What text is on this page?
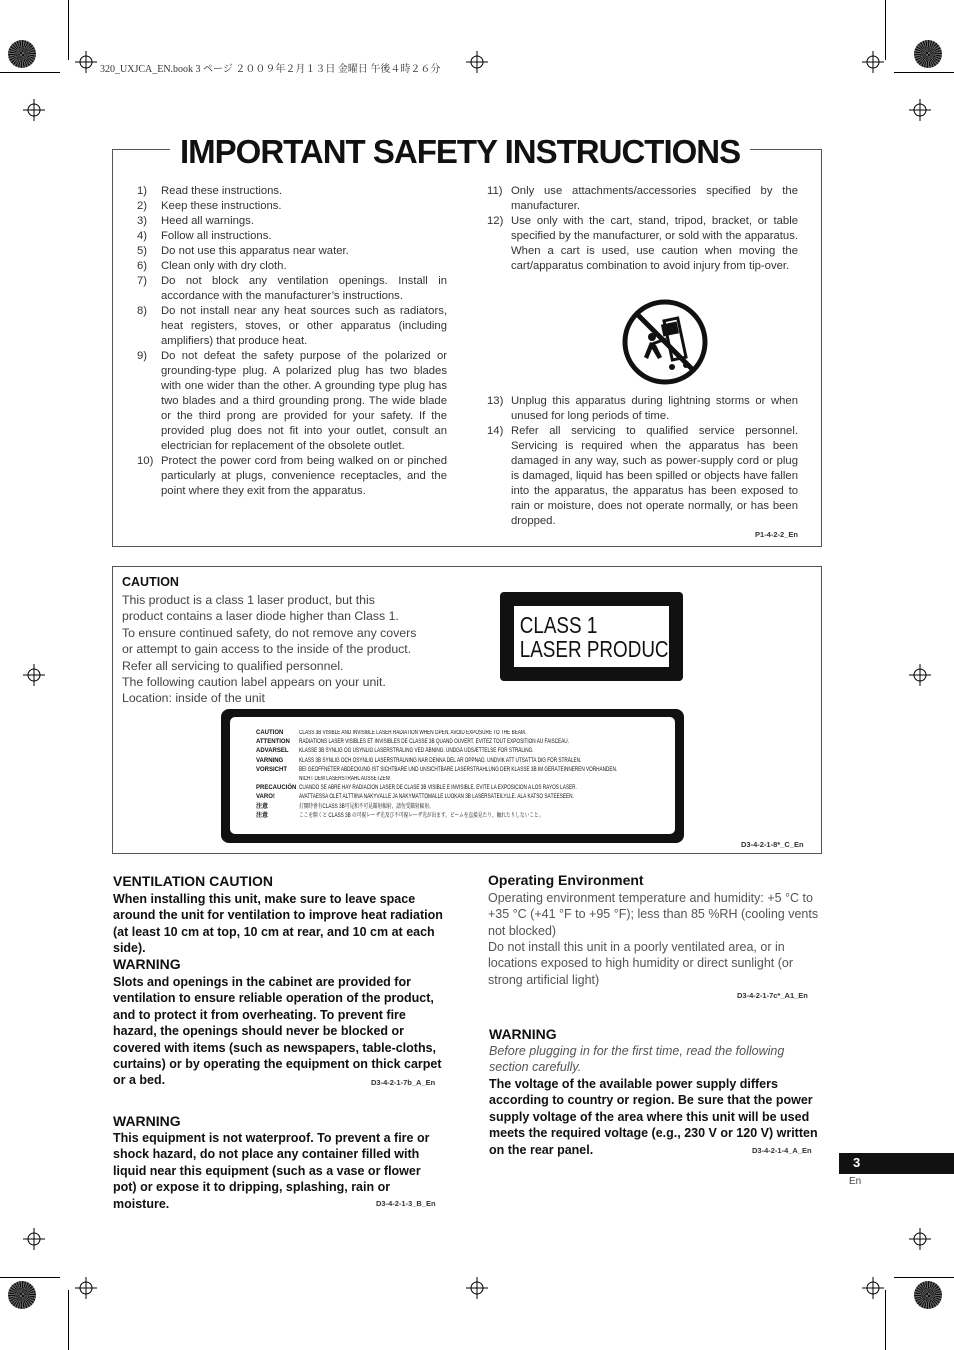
320_UXJCA_EN.book 3 ページ ２００９年２月１３日 金曜日 午後４時２６分
IMPORTANT SAFETY INSTRUCTIONS
1)	Read these instructions.
2)	Keep these instructions.
3)	Heed all warnings.
4)	Follow all instructions.
5)	Do not use this apparatus near water.
6)	Clean only with dry cloth.
7)	Do not block any ventilation openings. Install in accordance with the manufacturer’s instructions.
8)	Do not install near any heat sources such as radiators, heat registers, stoves, or other apparatus (including amplifiers) that produce heat.
9)	Do not defeat the safety purpose of the polarized or grounding-type plug. A polarized plug has two blades with one wider than the other. A grounding type plug has two blades and a third grounding prong. The wide blade or the third prong are provided for your safety. If the provided plug does not fit into your outlet, consult an electrician for replacement of the obsolete outlet.
10) Protect the power cord from being walked on or pinched particularly at plugs, convenience receptacles, and the point where they exit from the apparatus.
11) Only use attachments/accessories specified by the manufacturer.
12) Use only with the cart, stand, tripod, bracket, or table specified by the manufacturer, or sold with the apparatus. When a cart is used, use caution when moving the cart/apparatus combination to avoid injury from tip-over.
13) Unplug this apparatus during lightning storms or when unused for long periods of time.
14) Refer all servicing to qualified service personnel. Servicing is required when the apparatus has been damaged in any way, such as power-supply cord or plug is damaged, liquid has been spilled or objects have fallen into the apparatus, the apparatus has been exposed to rain or moisture, does not operate normally, or has been dropped.
P1-4-2-2_En
CAUTION
This product is a class 1 laser product, but this
product contains a laser diode higher than Class 1.
To ensure continued safety, do not remove any covers
or attempt to gain access to the inside of the product.
Refer all servicing to qualified personnel.
The following caution label appears on your unit.
Location: inside of the unit
CLASS 1
LASER PRODUCT
CAUTION	CLASS 3B VISIBLE AND INVISIBLE LASER RADIATION WHEN OPEN, AVOID EXPOSURE TO THE BEAM.
ATTENTION	RADIATIONS LASER VISIBLES ET INVISIBLES DE CLASSE 3B QUAND OUVERT. ÉVITEZ TOUT EXPOSITION AU FAISCEAU.
ADVARSEL	KLASSE 3B SYNLIG OG USYNLIG LASERSTRÅLING VED ÅBNING. UNDGÅ UDSÆTTELSE FOR STRÅLING.
VARNING	KLASS 3B SYNLIG OCH OSYNLIG LASERSTRÅLNING NÄR DENNA DEL ÄR ÖPPNAD. UNDVIK ATT UTSÄTTA DIG FÖR STRÅLEN.
VORSICHT	BEI GEÖFFNETER ABDECKUNG IST SICHTBARE UND UNSICHTBARE LASERSTRAHLUNG DER KLASSE 3B IM GERÄTEINNEREN VORHANDEN.
NICHT DEM LASERSTRAHL AUSSETZEN!
PRECAUCIÓN CUANDO SE ABRE HAY RADIACIÓN LÁSER DE CLASE 3B VISIBLE E INVISIBLE. EVITE LA EXPOSICIÓN A LOS RAYOS LÁSER.
VARO!	AVATTAESSA OLET ALTTIINA NÄKYVÄLLE JA NÄKYMÄTTÖMÄLLE LUOKAN 3B LASERSÄTEILYLLE. ÄLÄ KATSO SÄTEESEEN.
注意	打開時會有CLASS 3B可見和不可見鐳射輻射，請勿受鐳射輻射。
注意	ここを開くと CLASS 3B の可視レーザ光及び不可視レーザ光が出ます。ビームを直接見たり、触れたりしないこと。
D3-4-2-1-8*_C_En
VENTILATION CAUTION
When installing this unit, make sure to leave space around the unit for ventilation to improve heat radiation (at least 10 cm at top, 10 cm at rear, and 10 cm at each side).
WARNING
Slots and openings in the cabinet are provided for ventilation to ensure reliable operation of the product, and to protect it from overheating. To prevent fire hazard, the openings should never be blocked or covered with items (such as newspapers, table-cloths, curtains) or by operating the equipment on thick carpet or a bed.	D3-4-2-1-7b_A_En
WARNING
This equipment is not waterproof. To prevent a fire or shock hazard, do not place any container filled with liquid near this equipment (such as a vase or flower pot) or expose it to dripping, splashing, rain or moisture.	D3-4-2-1-3_B_En
Operating Environment
Operating environment temperature and humidity: +5 °C to +35 °C (+41 °F to +95 °F); less than 85 %RH (cooling vents not blocked)
Do not install this unit in a poorly ventilated area, or in locations exposed to high humidity or direct sunlight (or strong artificial light)
D3-4-2-1-7c*_A1_En
WARNING
Before plugging in for the first time, read the following section carefully.
The voltage of the available power supply differs according to country or region. Be sure that the power supply voltage of the area where this unit will be used meets the required voltage (e.g., 230 V or 120 V) written on the rear panel.	D3-4-2-1-4_A_En
3
En
